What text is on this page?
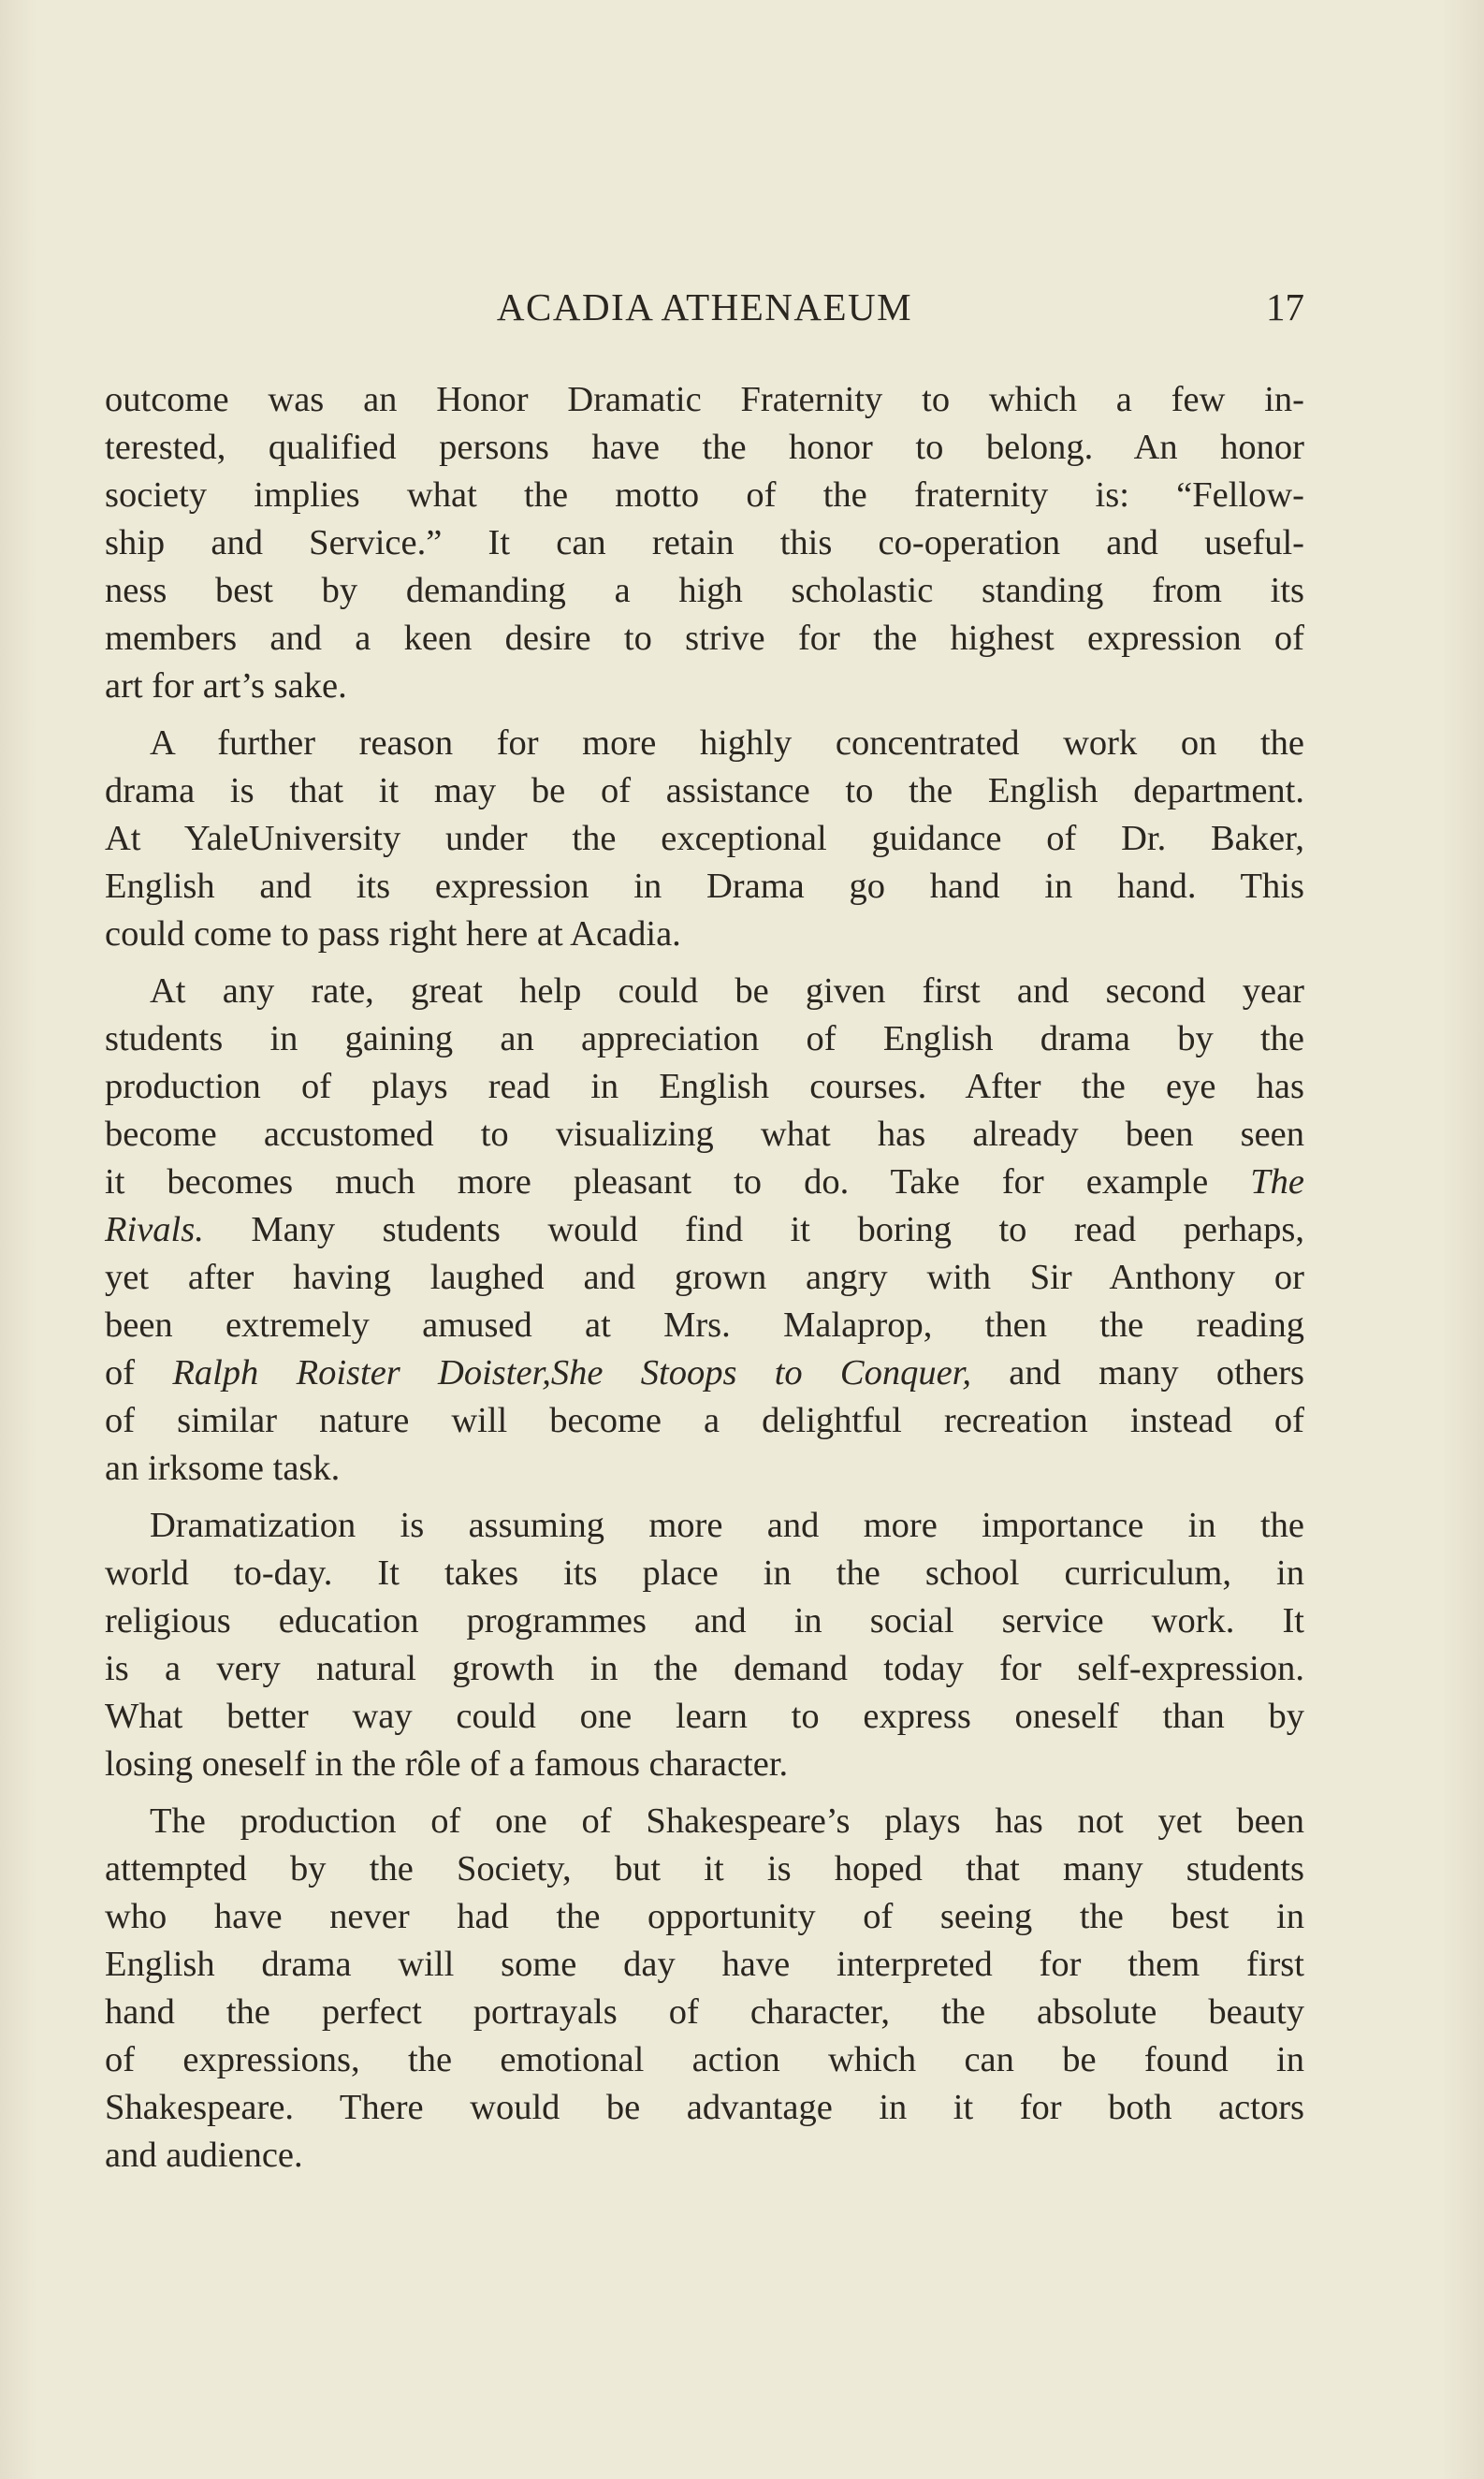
ACADIA ATHENAEUM	17

outcome was an Honor Dramatic Fraternity to which a few in-
terested, qualified persons have the honor to belong. An honor
society implies what the motto of the fraternity is: “Fellow-
ship and Service.” It can retain this co-operation and useful-
ness best by demanding a high scholastic standing from its
members and a keen desire to strive for the highest expression of
art for art’s sake.

A further reason for more highly concentrated work on the
drama is that it may be of assistance to the English department.
At YaleUniversity under the exceptional guidance of Dr. Baker,
English and its expression in Drama go hand in hand. This
could come to pass right here at Acadia.

At any rate, great help could be given first and second year
students in gaining an appreciation of English drama by the
production of plays read in English courses. After the eye has
become accustomed to visualizing what has already been seen
it becomes much more pleasant to do. Take for example The
Rivals. Many students would find it boring to read perhaps,
yet after having laughed and grown angry with Sir Anthony or
been extremely amused at Mrs. Malaprop, then the reading
of Ralph Roister Doister,She Stoops to Conquer, and many others
of similar nature will become a delightful recreation instead of
an irksome task.

Dramatization is assuming more and more importance in the
world to-day. It takes its place in the school curriculum, in
religious education programmes and in social service work. It
is a very natural growth in the demand today for self-expression.
What better way could one learn to express oneself than by
losing oneself in the rôle of a famous character.

The production of one of Shakespeare’s plays has not yet been
attempted by the Society, but it is hoped that many students
who have never had the opportunity of seeing the best in
English drama will some day have interpreted for them first
hand the perfect portrayals of character, the absolute beauty
of expressions, the emotional action which can be found in
Shakespeare. There would be advantage in it for both actors
and audience.
